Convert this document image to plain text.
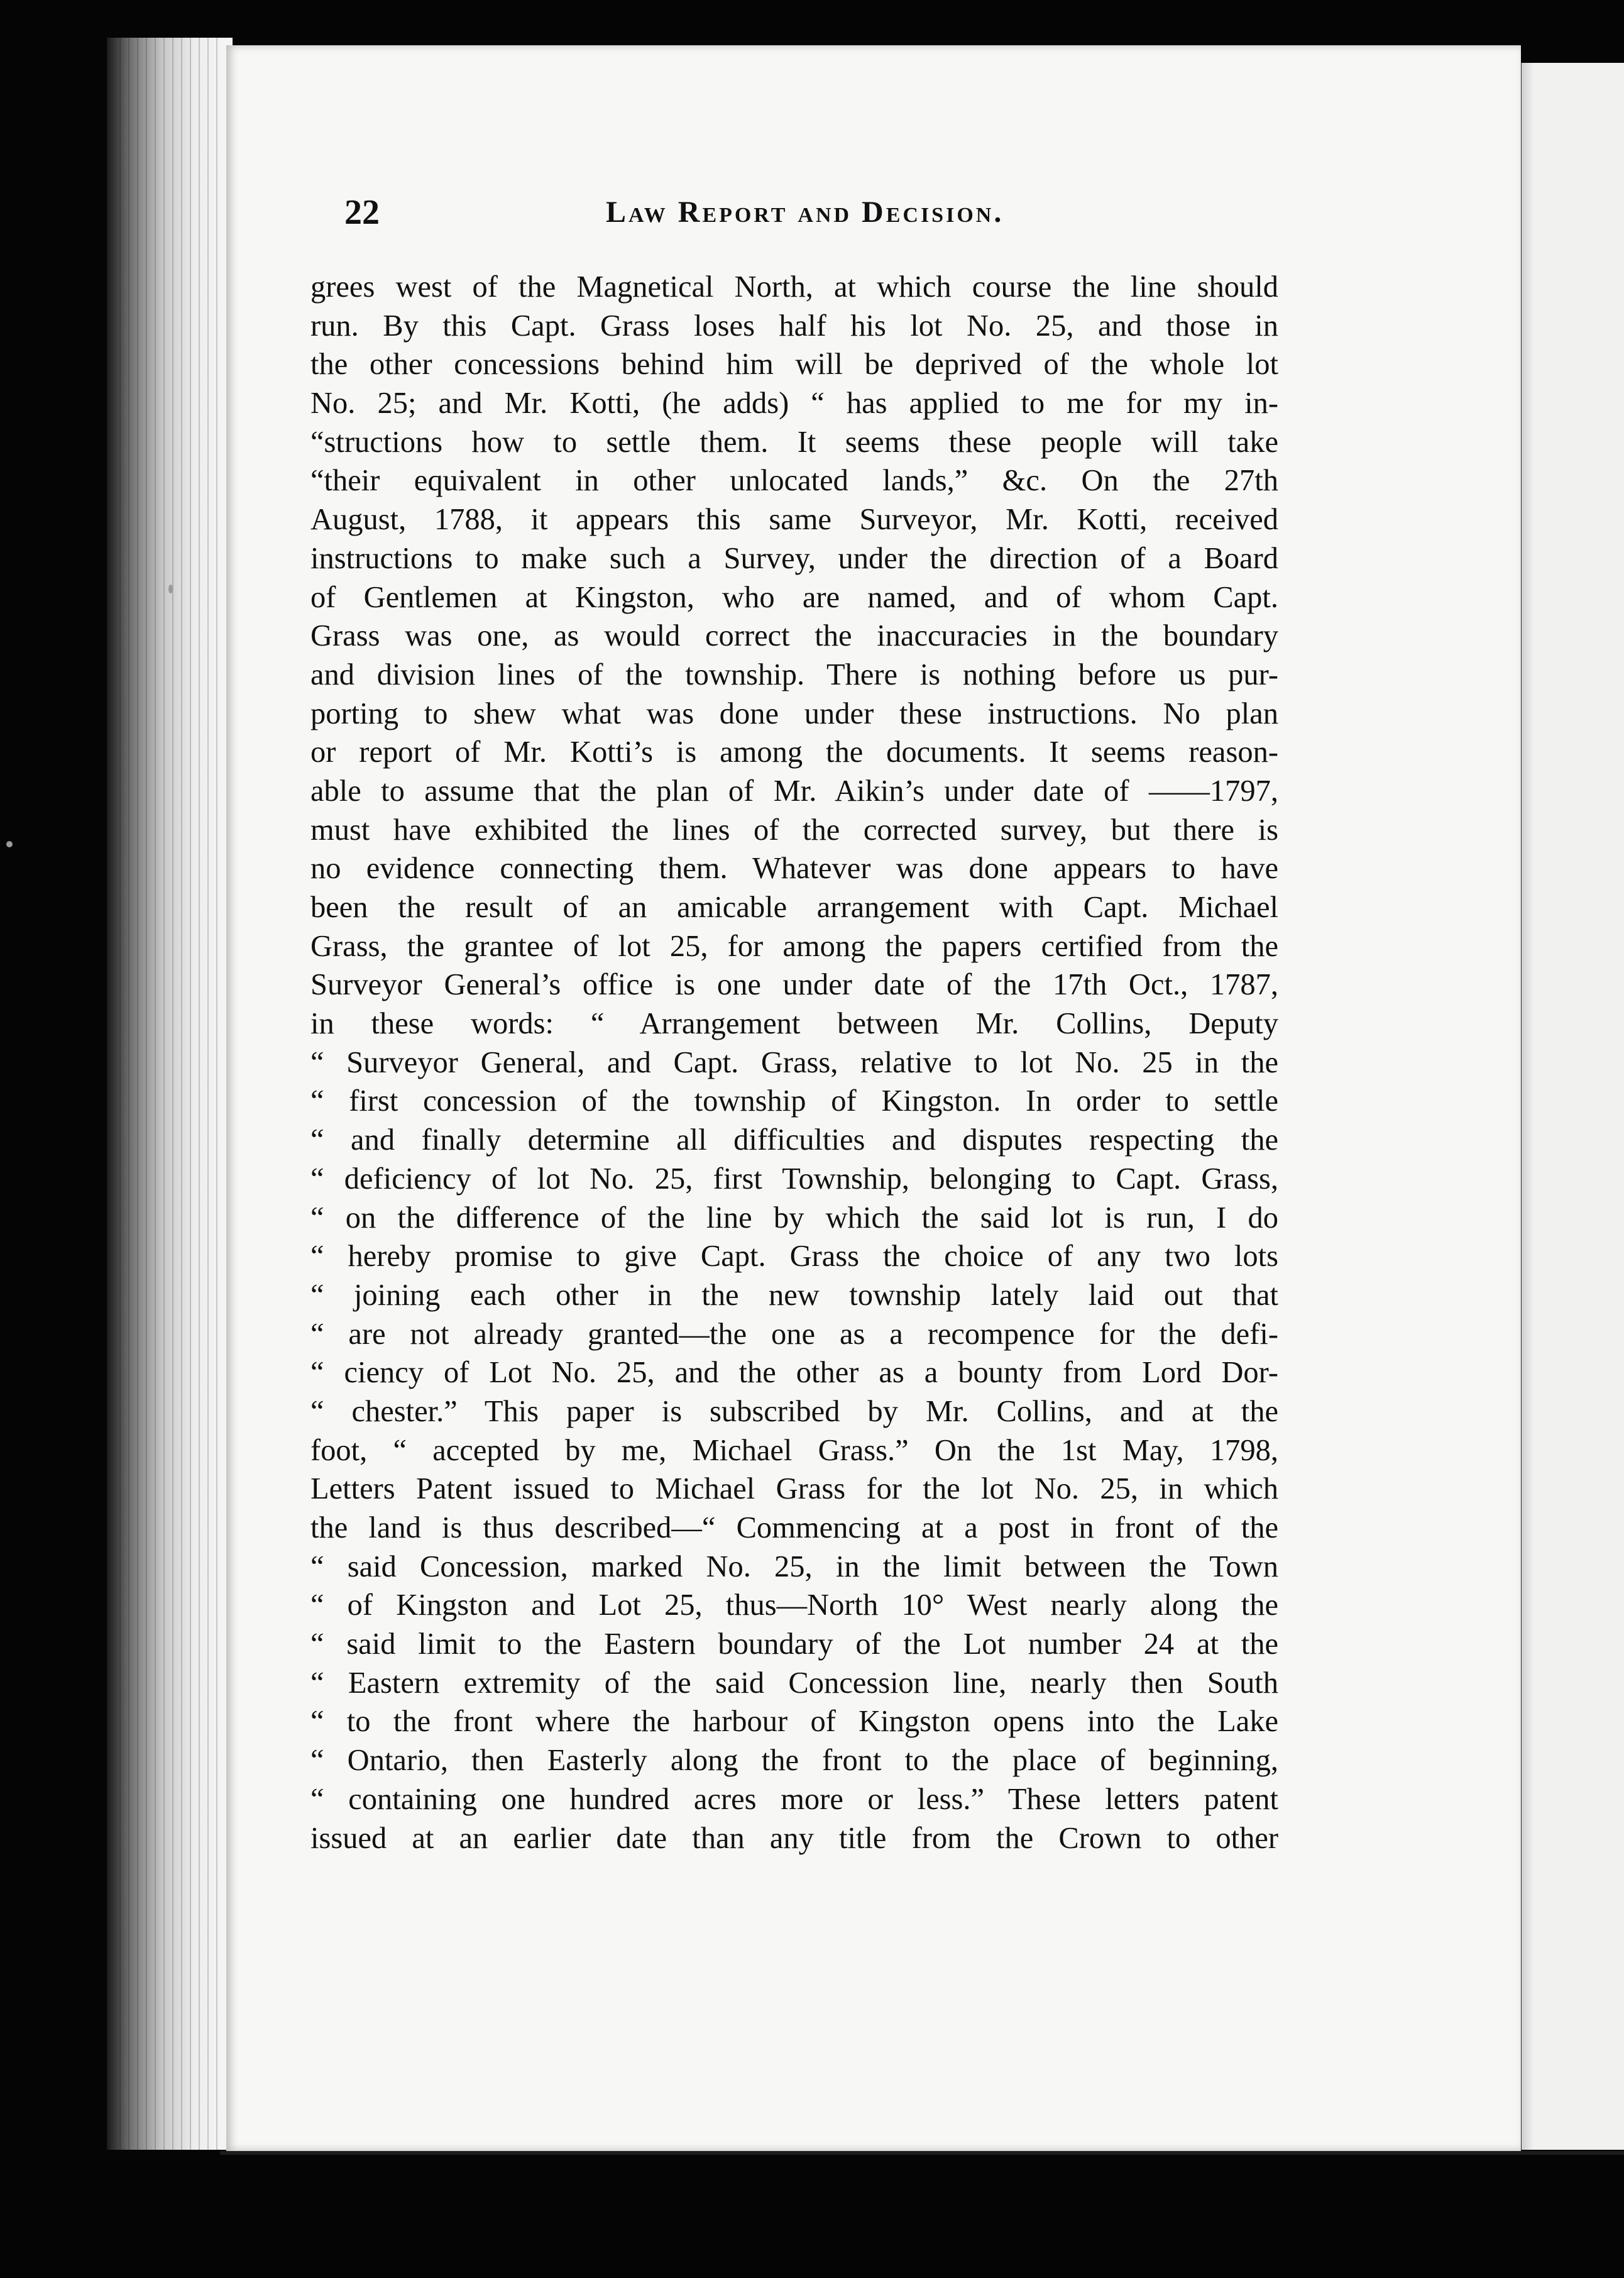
22	Law Report and Decision.
grees west of the Magnetical North, at which course the line should
run. By this Capt. Grass loses half his lot No. 25, and those in
the other concessions behind him will be deprived of the whole lot
No. 25; and Mr. Kotti, (he adds) “ has applied to me for my in-
“structions how to settle them. It seems these people will take
“their equivalent in other unlocated lands,” &c. On the 27th
August, 1788, it appears this same Surveyor, Mr. Kotti, received
instructions to make such a Survey, under the direction of a Board
of Gentlemen at Kingston, who are named, and of whom Capt.
Grass was one, as would correct the inaccuracies in the boundary
and division lines of the township. There is nothing before us pur-
porting to shew what was done under these instructions. No plan
or report of Mr. Kotti’s is among the documents. It seems reason-
able to assume that the plan of Mr. Aikin’s under date of ——1797,
must have exhibited the lines of the corrected survey, but there is
no evidence connecting them. Whatever was done appears to have
been the result of an amicable arrangement with Capt. Michael
Grass, the grantee of lot 25, for among the papers certified from the
Surveyor General’s office is one under date of the 17th Oct., 1787,
in these words: “ Arrangement between Mr. Collins, Deputy
“ Surveyor General, and Capt. Grass, relative to lot No. 25 in the
“ first concession of the township of Kingston. In order to settle
“ and finally determine all difficulties and disputes respecting the
“ deficiency of lot No. 25, first Township, belonging to Capt. Grass,
“ on the difference of the line by which the said lot is run, I do
“ hereby promise to give Capt. Grass the choice of any two lots
“ joining each other in the new township lately laid out that
“ are not already granted—the one as a recompence for the defi-
“ ciency of Lot No. 25, and the other as a bounty from Lord Dor-
“ chester.” This paper is subscribed by Mr. Collins, and at the
foot, “ accepted by me, Michael Grass.” On the 1st May, 1798,
Letters Patent issued to Michael Grass for the lot No. 25, in which
the land is thus described—“ Commencing at a post in front of the
“ said Concession, marked No. 25, in the limit between the Town
“ of Kingston and Lot 25, thus—North 10° West nearly along the
“ said limit to the Eastern boundary of the Lot number 24 at the
“ Eastern extremity of the said Concession line, nearly then South
“ to the front where the harbour of Kingston opens into the Lake
“ Ontario, then Easterly along the front to the place of beginning,
“ containing one hundred acres more or less.” These letters patent
issued at an earlier date than any title from the Crown to other
